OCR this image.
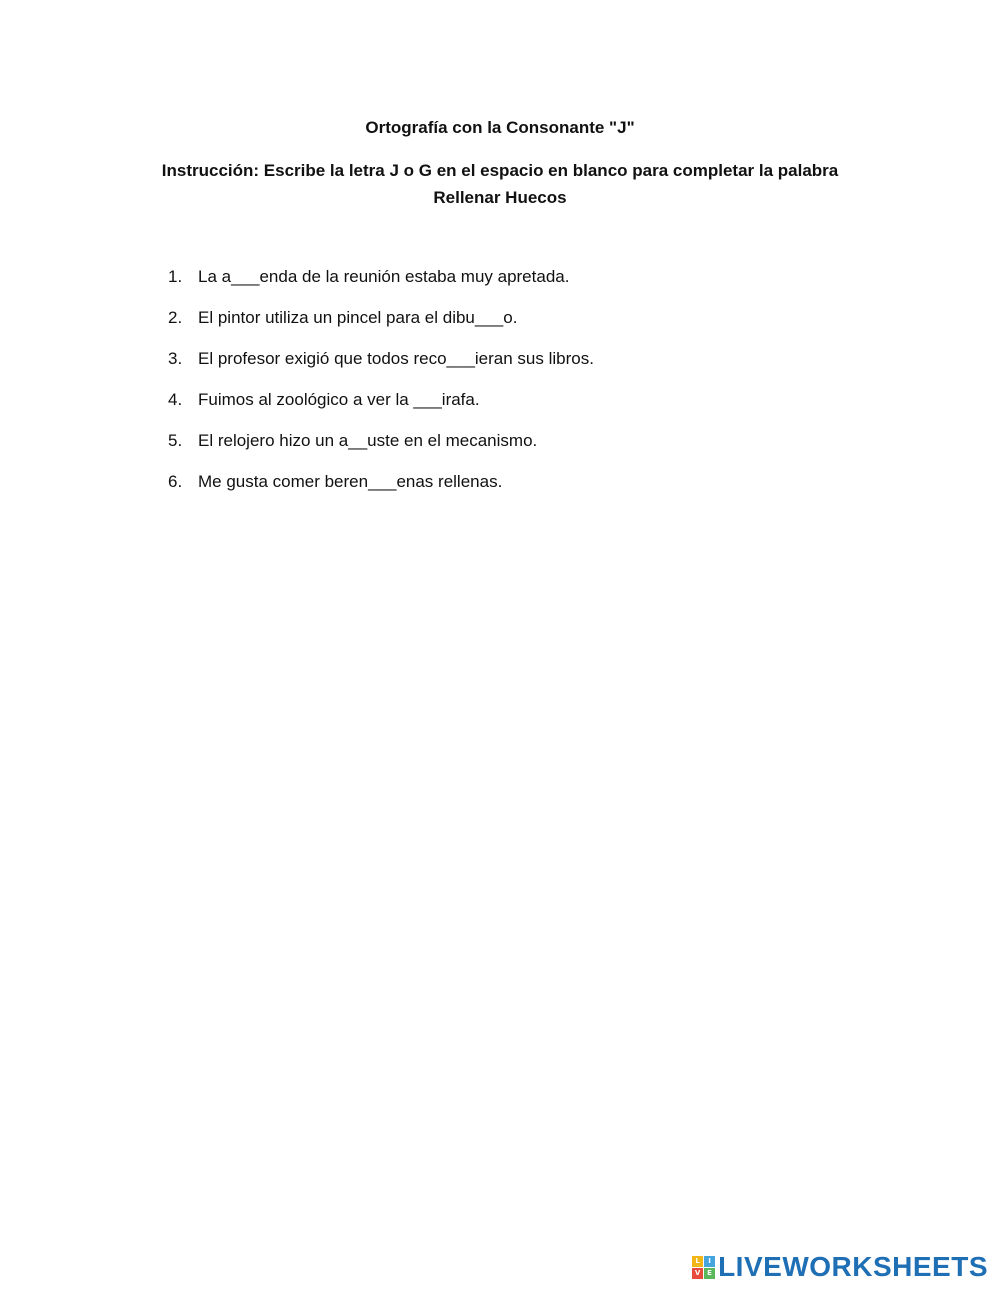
Ortografía con la Consonante "J"
Instrucción: Escribe la letra J o G en el espacio en blanco para completar la palabra Rellenar Huecos
1. La a___enda de la reunión estaba muy apretada.
2. El pintor utiliza un pincel para el dibu___o.
3. El profesor exigió que todos reco___ieran sus libros.
4. Fuimos al zoológico a ver la ___irafa.
5. El relojero hizo un a__uste en el mecanismo.
6. Me gusta comer beren___enas rellenas.
L	I
V E LIVEWORKSHEETS
